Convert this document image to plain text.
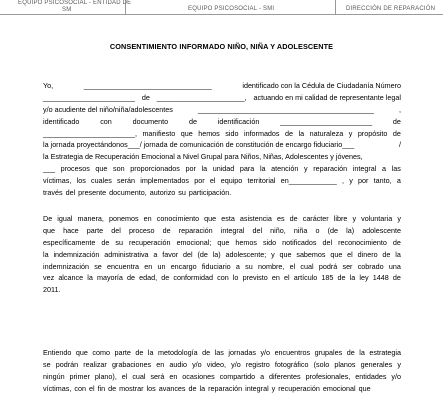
EQUIPO PSICOSOCIAL - ENTIDAD DE
SM	EQUIPO PSICOSOCIAL - SMI	DIRECCIÓN DE REPARACIÓN
CONSENTIMIENTO INFORMADO NIÑO, NIÑA Y ADOLESCENTE
Yo,	________________________________	identificado con la Cédula de Ciudadanía Número
_______________________ de ______________________, actuando en mi calidad de representante legal
y/o acudiente del niño/niña/adolescentes	____________________________________________	,
identificado	con	documento	de	identificación	_______________________	de
_______________________, manifiesto que hemos sido informados de la naturaleza y propósito de
la jornada proyectándonos___/ jornada de comunicación de constitución de encargo fiduciario___	/
la Estrategia de Recuperación Emocional a Nivel Grupal para Niños, Niñas, Adolescentes y jóvenes,
___ procesos que son proporcionados por la unidad para la atención y reparación integral a las
víctimas, los cuales serán implementados por el equipo territorial en____________ , y por tanto, a
través del presente documento, autorizo su participación.
De igual manera, ponemos en conocimiento que esta asistencia es de carácter libre y voluntaria y
que hace parte del proceso de reparación integral del niño, niña o (de la) adolescente
específicamente de su recuperación emocional; que hemos sido notificados del reconocimiento de
la indemnización administrativa a favor del (de la) adolescente; y que sabemos que el dinero de la
indemnización se encuentra en un encargo fiduciario a su nombre, el cual podrá ser cobrado una
vez alcance la mayoría de edad, de conformidad con lo previsto en el artículo 185 de la ley 1448 de
2011.
Entiendo que como parte de la metodología de las jornadas y/o encuentros grupales de la estrategia
se podrán realizar grabaciones en audio y/o video, y/o registro fotográfico (solo planos generales y
ningún primer plano), el cual será en ocasiones compartido a diferentes profesionales, entidades y/o
víctimas, con el fin de mostrar los avances de la reparación integral y recuperación emocional que
